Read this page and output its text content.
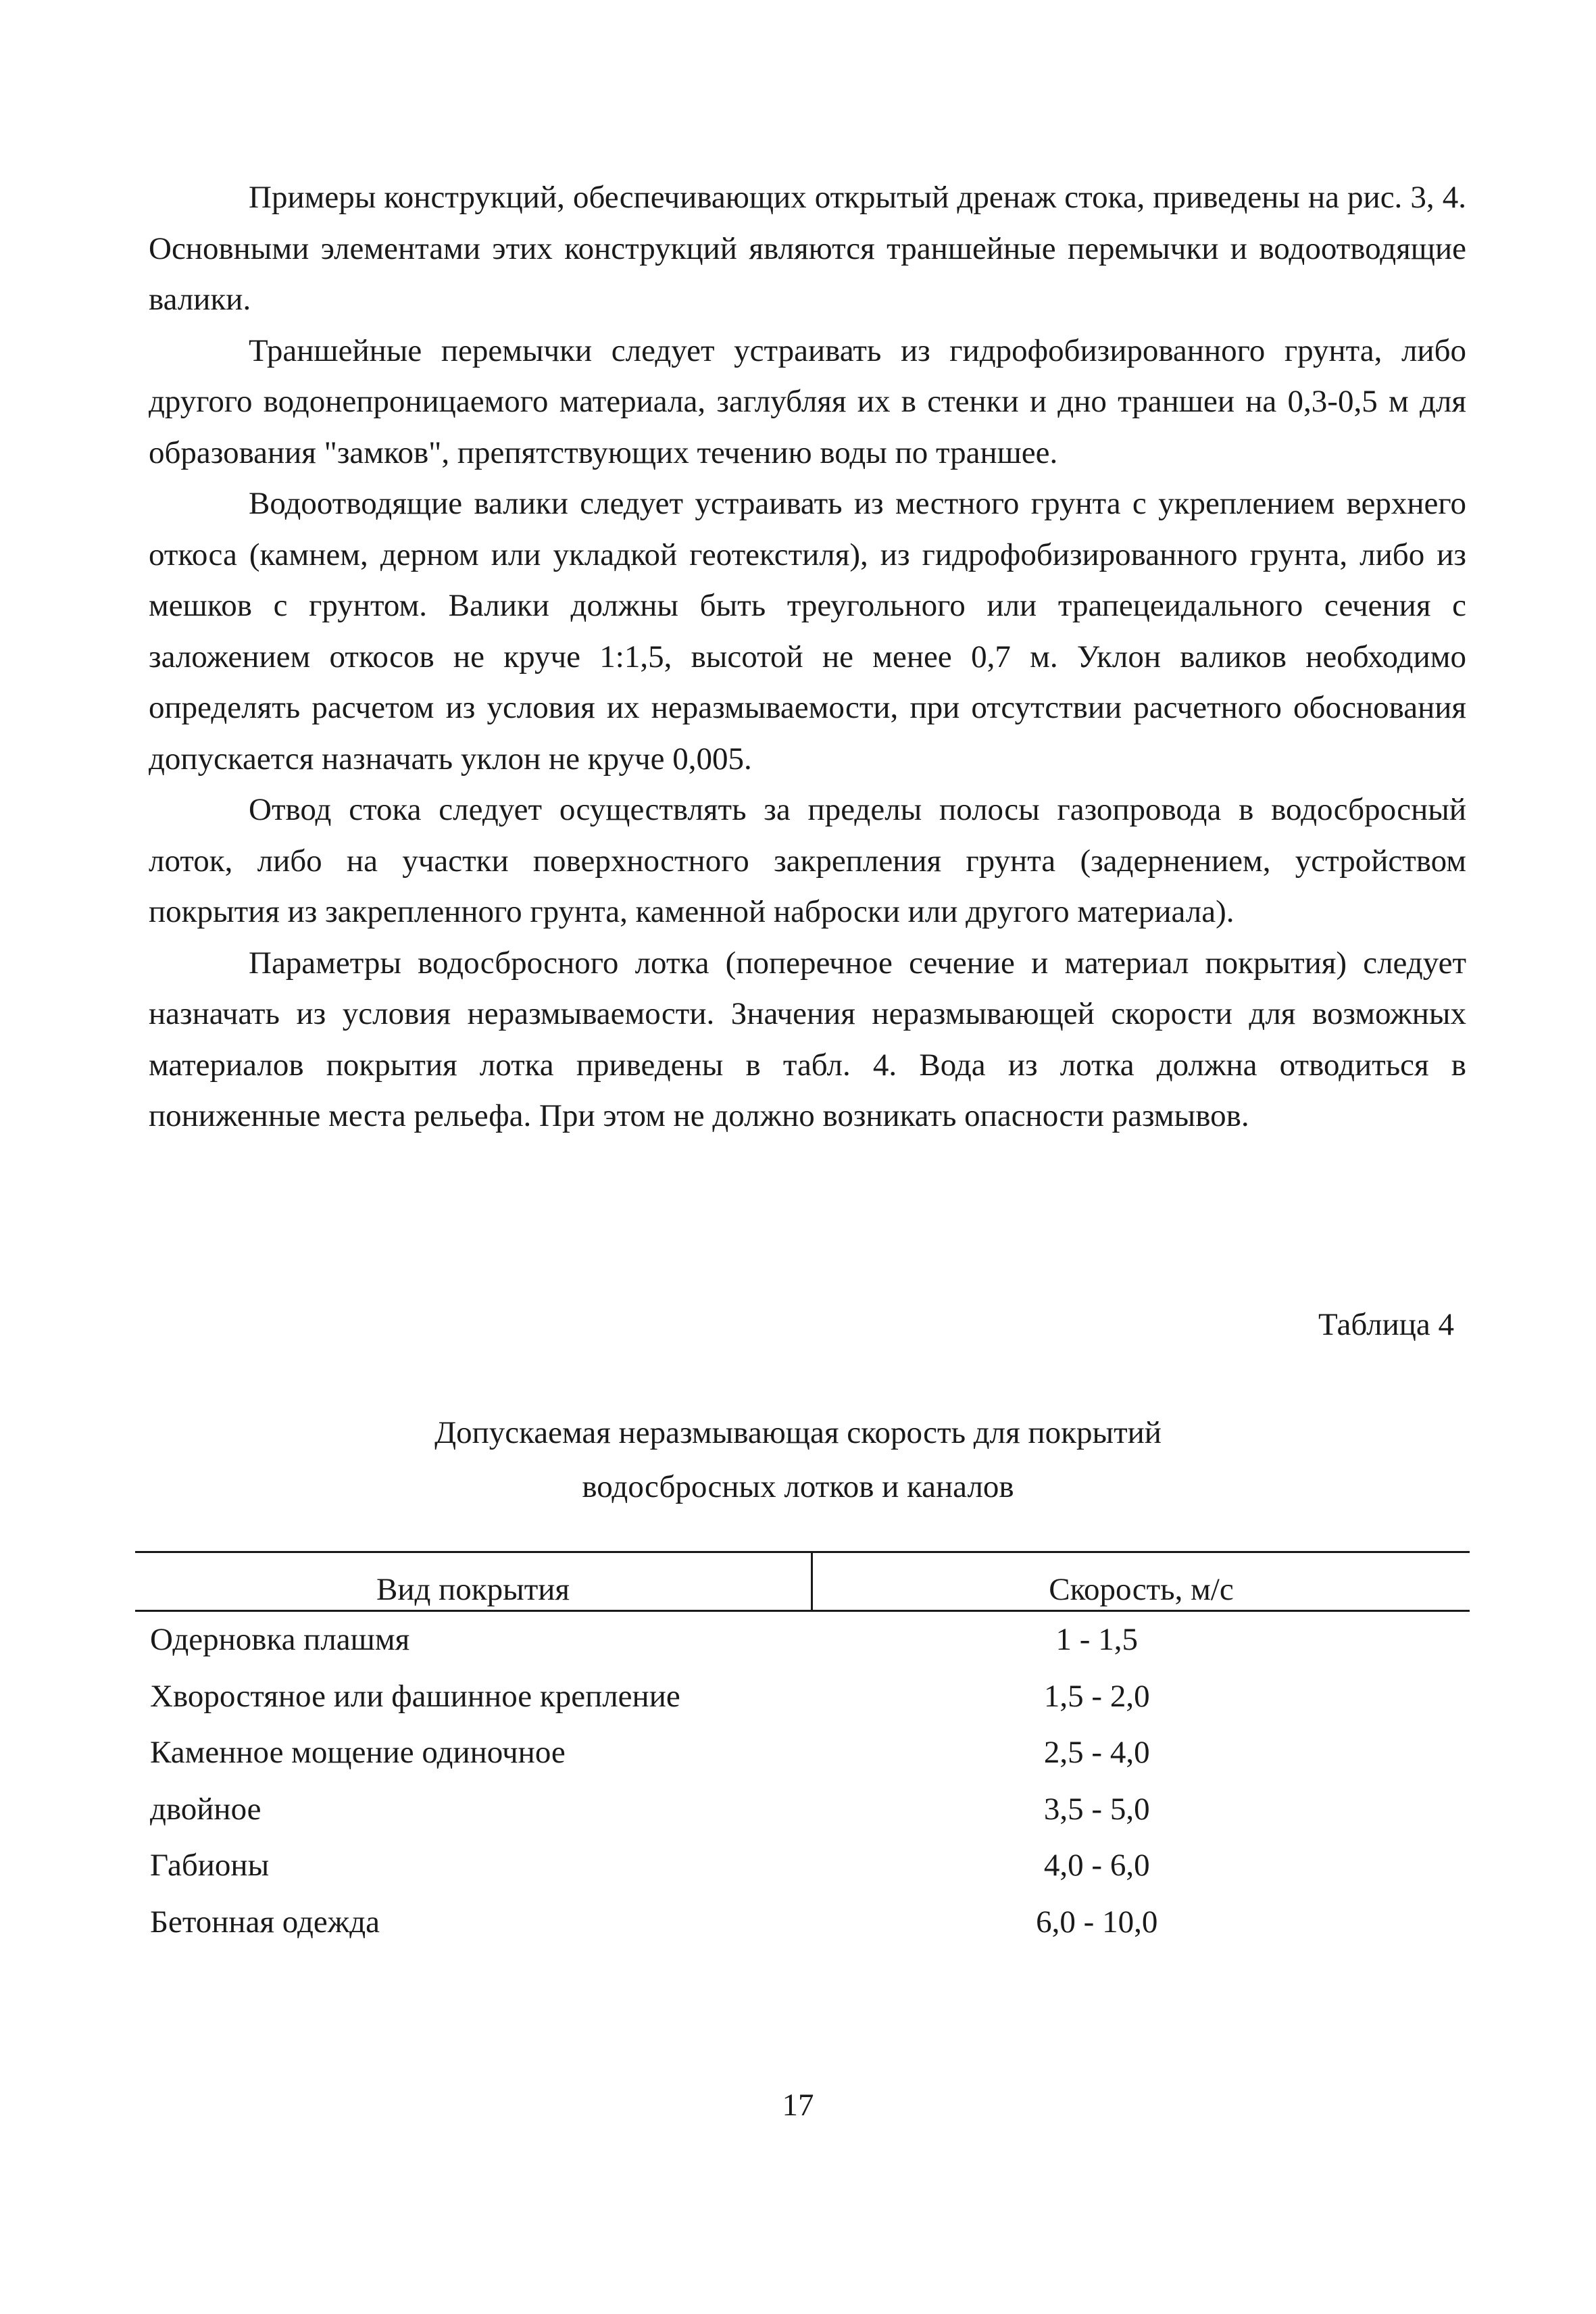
Примеры конструкций, обеспечивающих открытый дренаж стока, приведены на рис. 3, 4. Основными элементами этих конструкций являются траншейные перемычки и водоотводящие валики.

Траншейные перемычки следует устраивать из гидрофобизированного грунта, либо другого водонепроницаемого материала, заглубляя их в стенки и дно траншеи на 0,3-0,5 м для образования "замков", препятствующих течению воды по траншее.

Водоотводящие валики следует устраивать из местного грунта с укреплением верхнего откоса (камнем, дерном или укладкой геотекстиля), из гидрофобизированного грунта, либо из мешков с грунтом. Валики должны быть треугольного или трапецеидального сечения с заложением откосов не круче 1:1,5, высотой не менее 0,7 м. Уклон валиков необходимо определять расчетом из условия их неразмываемости, при отсутствии расчетного обоснования допускается назначать уклон не круче 0,005.

Отвод стока следует осуществлять за пределы полосы газопровода в водосбросный лоток, либо на участки поверхностного закрепления грунта (задернением, устройством покрытия из закрепленного грунта, каменной наброски или другого материала).

Параметры водосбросного лотка (поперечное сечение и материал покрытия) следует назначать из условия неразмываемости. Значения неразмывающей скорости для возможных материалов покрытия лотка приведены в табл. 4. Вода из лотка должна отводиться в пониженные места рельефа. При этом не должно возникать опасности размывов.

Таблица 4
Допускаемая неразмывающая скорость для покрытий
водосбросных лотков и каналов
Вид покрытия	Скорость, м/с
Одерновка плашмя	1 - 1,5
Хворостяное или фашинное крепление	1,5 - 2,0
Каменное мощение одиночное	2,5 - 4,0
двойное	3,5 - 5,0
Габионы	4,0 - 6,0
Бетонная одежда	6,0 - 10,0
17
